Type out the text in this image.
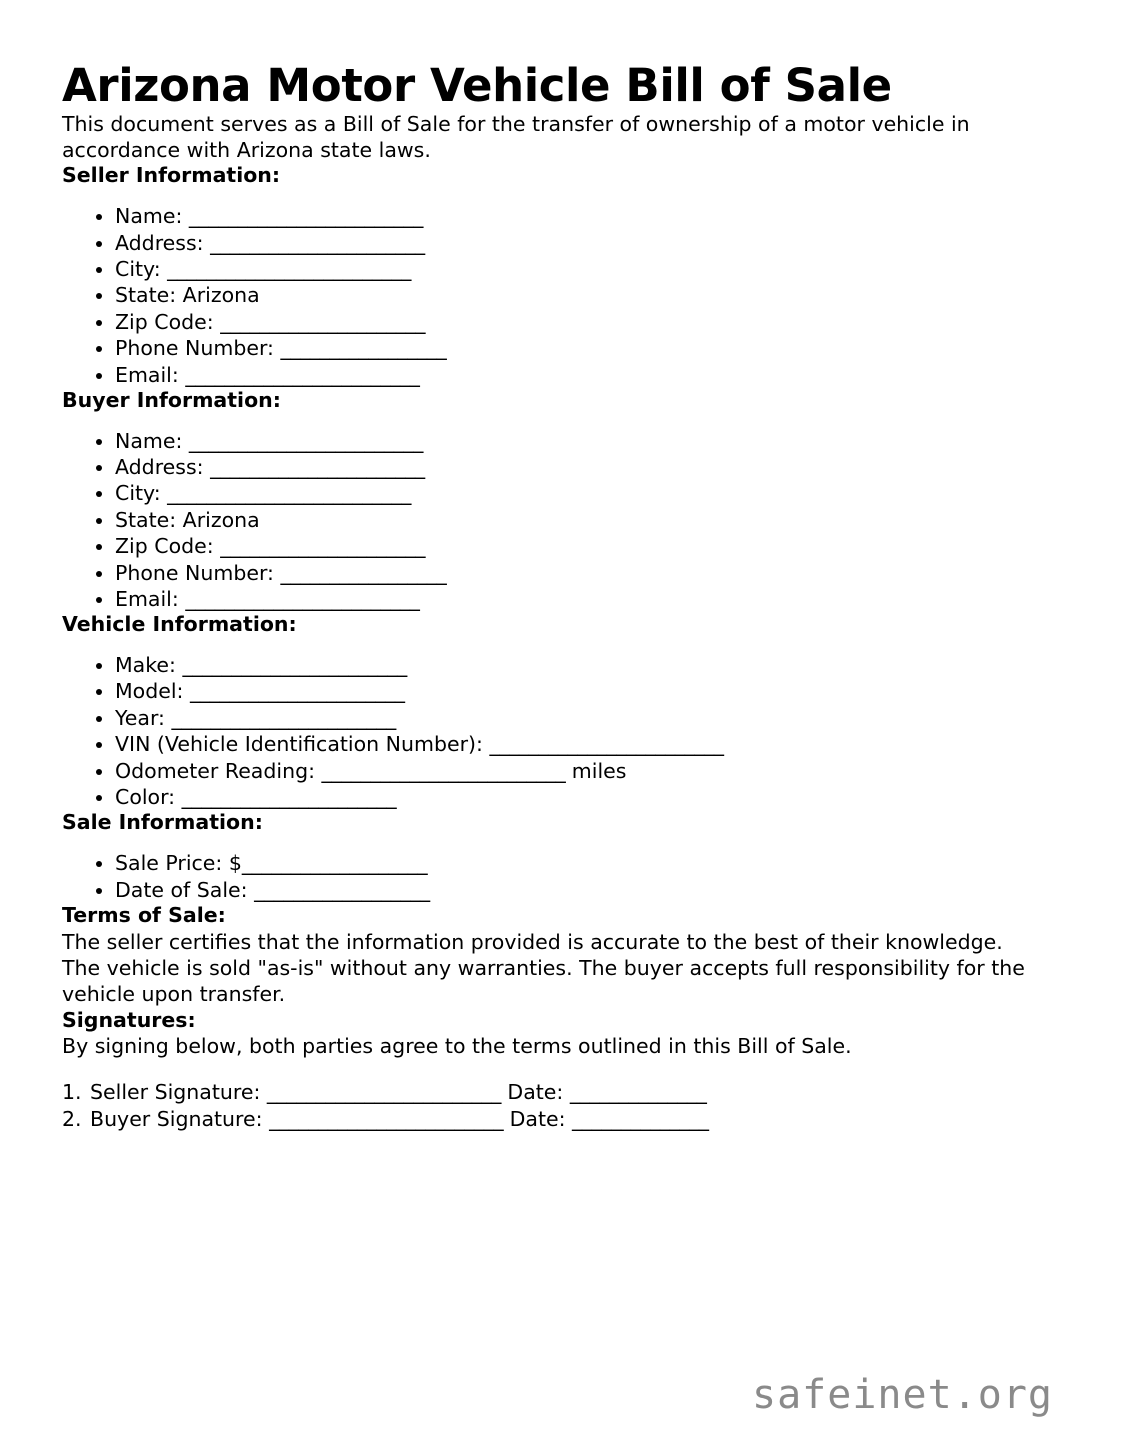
Arizona Motor Vehicle Bill of Sale

This document serves as a Bill of Sale for the transfer of ownership of a motor vehicle in accordance with Arizona state laws.

Seller Information:
Name: ________________________
Address: ______________________
City: _________________________
State: Arizona
Zip Code: _____________________
Phone Number: _________________
Email: ________________________
Buyer Information:
Name: ________________________
Address: ______________________
City: _________________________
State: Arizona
Zip Code: _____________________
Phone Number: _________________
Email: ________________________
Vehicle Information:
Make: _______________________
Model: ______________________
Year: _______________________
VIN (Vehicle Identification Number): ________________________
Odometer Reading: _________________________ miles
Color: ______________________
Sale Information:
Sale Price: $___________________
Date of Sale: __________________
Terms of Sale:

The seller certifies that the information provided is accurate to the best of their knowledge. The vehicle is sold "as-is" without any warranties. The buyer accepts full responsibility for the vehicle upon transfer.

Signatures:

By signing below, both parties agree to the terms outlined in this Bill of Sale.

Seller Signature: ________________________ Date: ______________
Buyer Signature: ________________________ Date: ______________
safeinet.org
